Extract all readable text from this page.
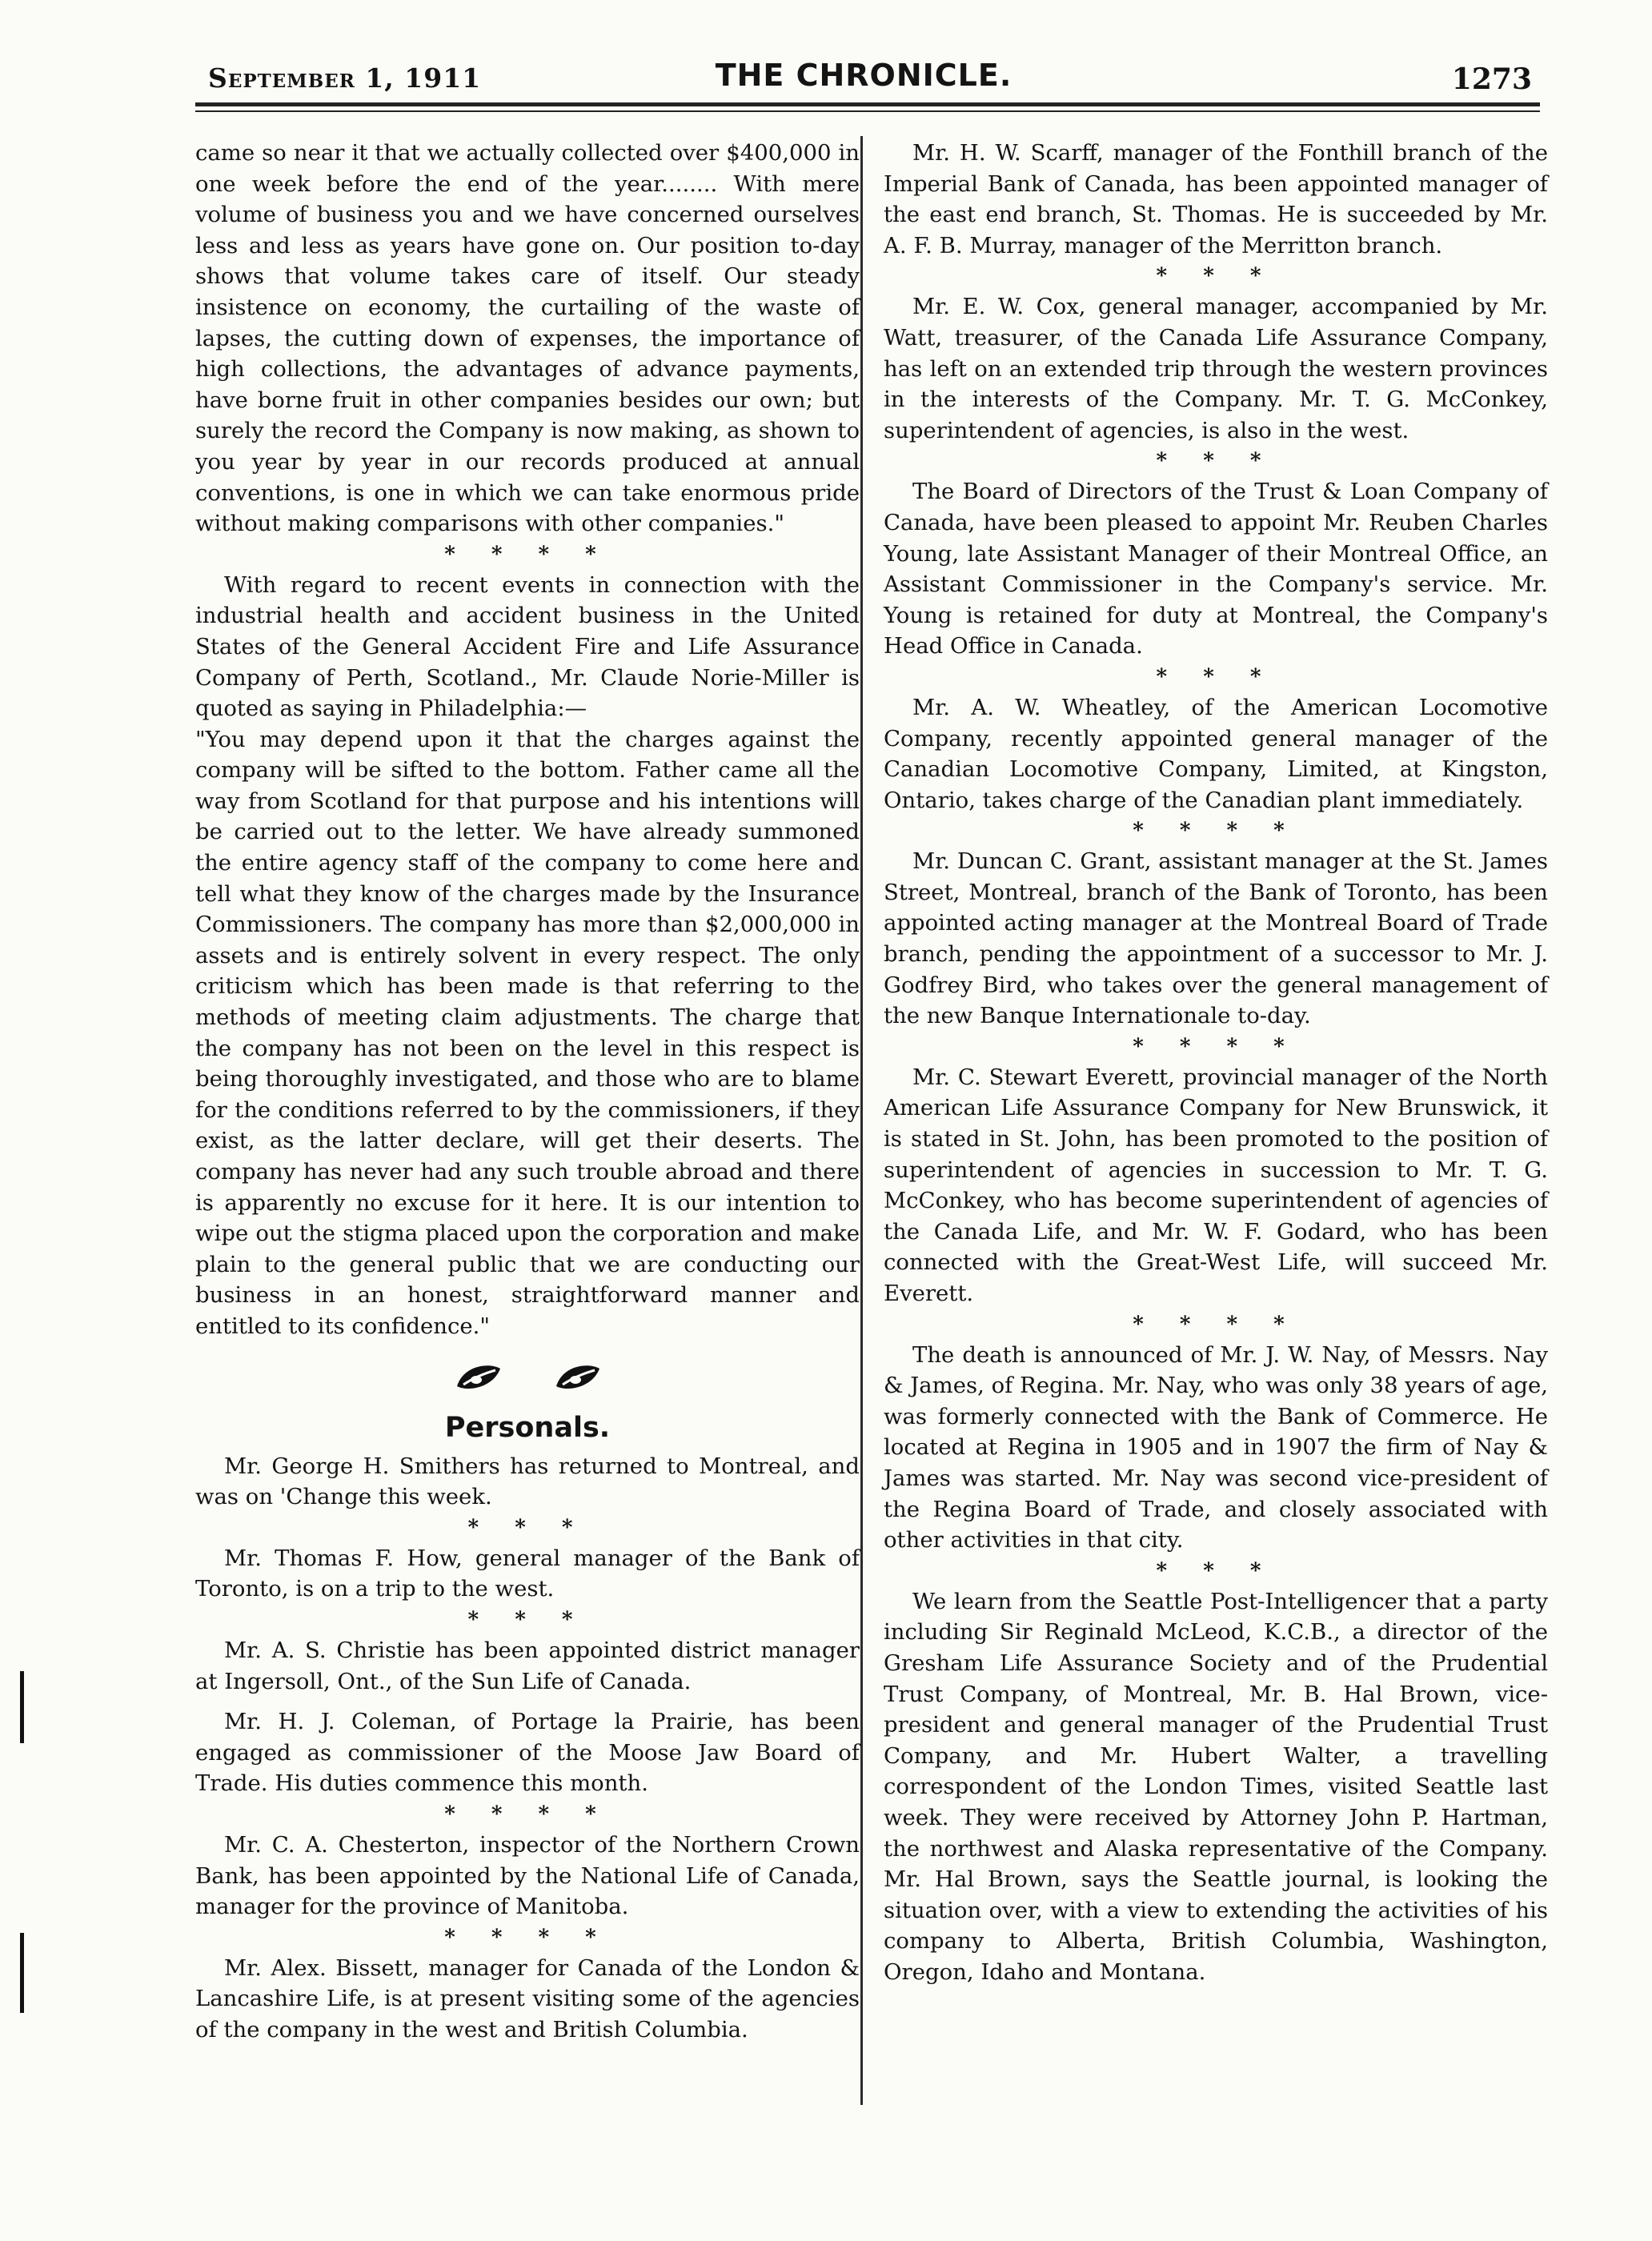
September 1, 1911	THE CHRONICLE.	1273

came so near it that we actually collected over $400,000 in one week before the end of the year........ With mere volume of business you and we have concerned ourselves less and less as years have gone on. Our position to-day shows that volume takes care of itself. Our steady insistence on economy, the curtailing of the waste of lapses, the cutting down of expenses, the importance of high collections, the advantages of advance payments, have borne fruit in other companies besides our own; but surely the record the Company is now making, as shown to you year by year in our records produced at annual conventions, is one in which we can take enormous pride without making comparisons with other companies."

* * * *

With regard to recent events in connection with the industrial health and accident business in the United States of the General Accident Fire and Life Assurance Company of Perth, Scotland., Mr. Claude Norie-Miller is quoted as saying in Philadelphia:—

"You may depend upon it that the charges against the company will be sifted to the bottom. Father came all the way from Scotland for that purpose and his intentions will be carried out to the letter. We have already summoned the entire agency staff of the company to come here and tell what they know of the charges made by the Insurance Commissioners. The company has more than $2,000,000 in assets and is entirely solvent in every respect. The only criticism which has been made is that referring to the methods of meeting claim adjustments. The charge that the company has not been on the level in this respect is being thoroughly investigated, and those who are to blame for the conditions referred to by the commissioners, if they exist, as the latter declare, will get their deserts. The company has never had any such trouble abroad and there is apparently no excuse for it here. It is our intention to wipe out the stigma placed upon the corporation and make plain to the general public that we are conducting our business in an honest, straightforward manner and entitled to its confidence."

Personals.

Mr. George H. Smithers has returned to Montreal, and was on 'Change this week.

* * *

Mr. Thomas F. How, general manager of the Bank of Toronto, is on a trip to the west.

* * *

Mr. A. S. Christie has been appointed district manager at Ingersoll, Ont., of the Sun Life of Canada.

Mr. H. J. Coleman, of Portage la Prairie, has been engaged as commissioner of the Moose Jaw Board of Trade. His duties commence this month.

* * * *

Mr. C. A. Chesterton, inspector of the Northern Crown Bank, has been appointed by the National Life of Canada, manager for the province of Manitoba.

* * * *

Mr. Alex. Bissett, manager for Canada of the London & Lancashire Life, is at present visiting some of the agencies of the company in the west and British Columbia.

Mr. H. W. Scarff, manager of the Fonthill branch of the Imperial Bank of Canada, has been appointed manager of the east end branch, St. Thomas. He is succeeded by Mr. A. F. B. Murray, manager of the Merritton branch.

* * *

Mr. E. W. Cox, general manager, accompanied by Mr. Watt, treasurer, of the Canada Life Assurance Company, has left on an extended trip through the western provinces in the interests of the Company. Mr. T. G. McConkey, superintendent of agencies, is also in the west.

* * *

The Board of Directors of the Trust & Loan Company of Canada, have been pleased to appoint Mr. Reuben Charles Young, late Assistant Manager of their Montreal Office, an Assistant Commissioner in the Company's service. Mr. Young is retained for duty at Montreal, the Company's Head Office in Canada.

* * *

Mr. A. W. Wheatley, of the American Locomotive Company, recently appointed general manager of the Canadian Locomotive Company, Limited, at Kingston, Ontario, takes charge of the Canadian plant immediately.

* * * *

Mr. Duncan C. Grant, assistant manager at the St. James Street, Montreal, branch of the Bank of Toronto, has been appointed acting manager at the Montreal Board of Trade branch, pending the appointment of a successor to Mr. J. Godfrey Bird, who takes over the general management of the new Banque Internationale to-day.

* * * *

Mr. C. Stewart Everett, provincial manager of the North American Life Assurance Company for New Brunswick, it is stated in St. John, has been promoted to the position of superintendent of agencies in succession to Mr. T. G. McConkey, who has become superintendent of agencies of the Canada Life, and Mr. W. F. Godard, who has been connected with the Great-West Life, will succeed Mr. Everett.

* * * *

The death is announced of Mr. J. W. Nay, of Messrs. Nay & James, of Regina. Mr. Nay, who was only 38 years of age, was formerly connected with the Bank of Commerce. He located at Regina in 1905 and in 1907 the firm of Nay & James was started. Mr. Nay was second vice-president of the Regina Board of Trade, and closely associated with other activities in that city.

* * *

We learn from the Seattle Post-Intelligencer that a party including Sir Reginald McLeod, K.C.B., a director of the Gresham Life Assurance Society and of the Prudential Trust Company, of Montreal, Mr. B. Hal Brown, vice-president and general manager of the Prudential Trust Company, and Mr. Hubert Walter, a travelling correspondent of the London Times, visited Seattle last week. They were received by Attorney John P. Hartman, the northwest and Alaska representative of the Company. Mr. Hal Brown, says the Seattle journal, is looking the situation over, with a view to extending the activities of his company to Alberta, British Columbia, Washington, Oregon, Idaho and Montana.
